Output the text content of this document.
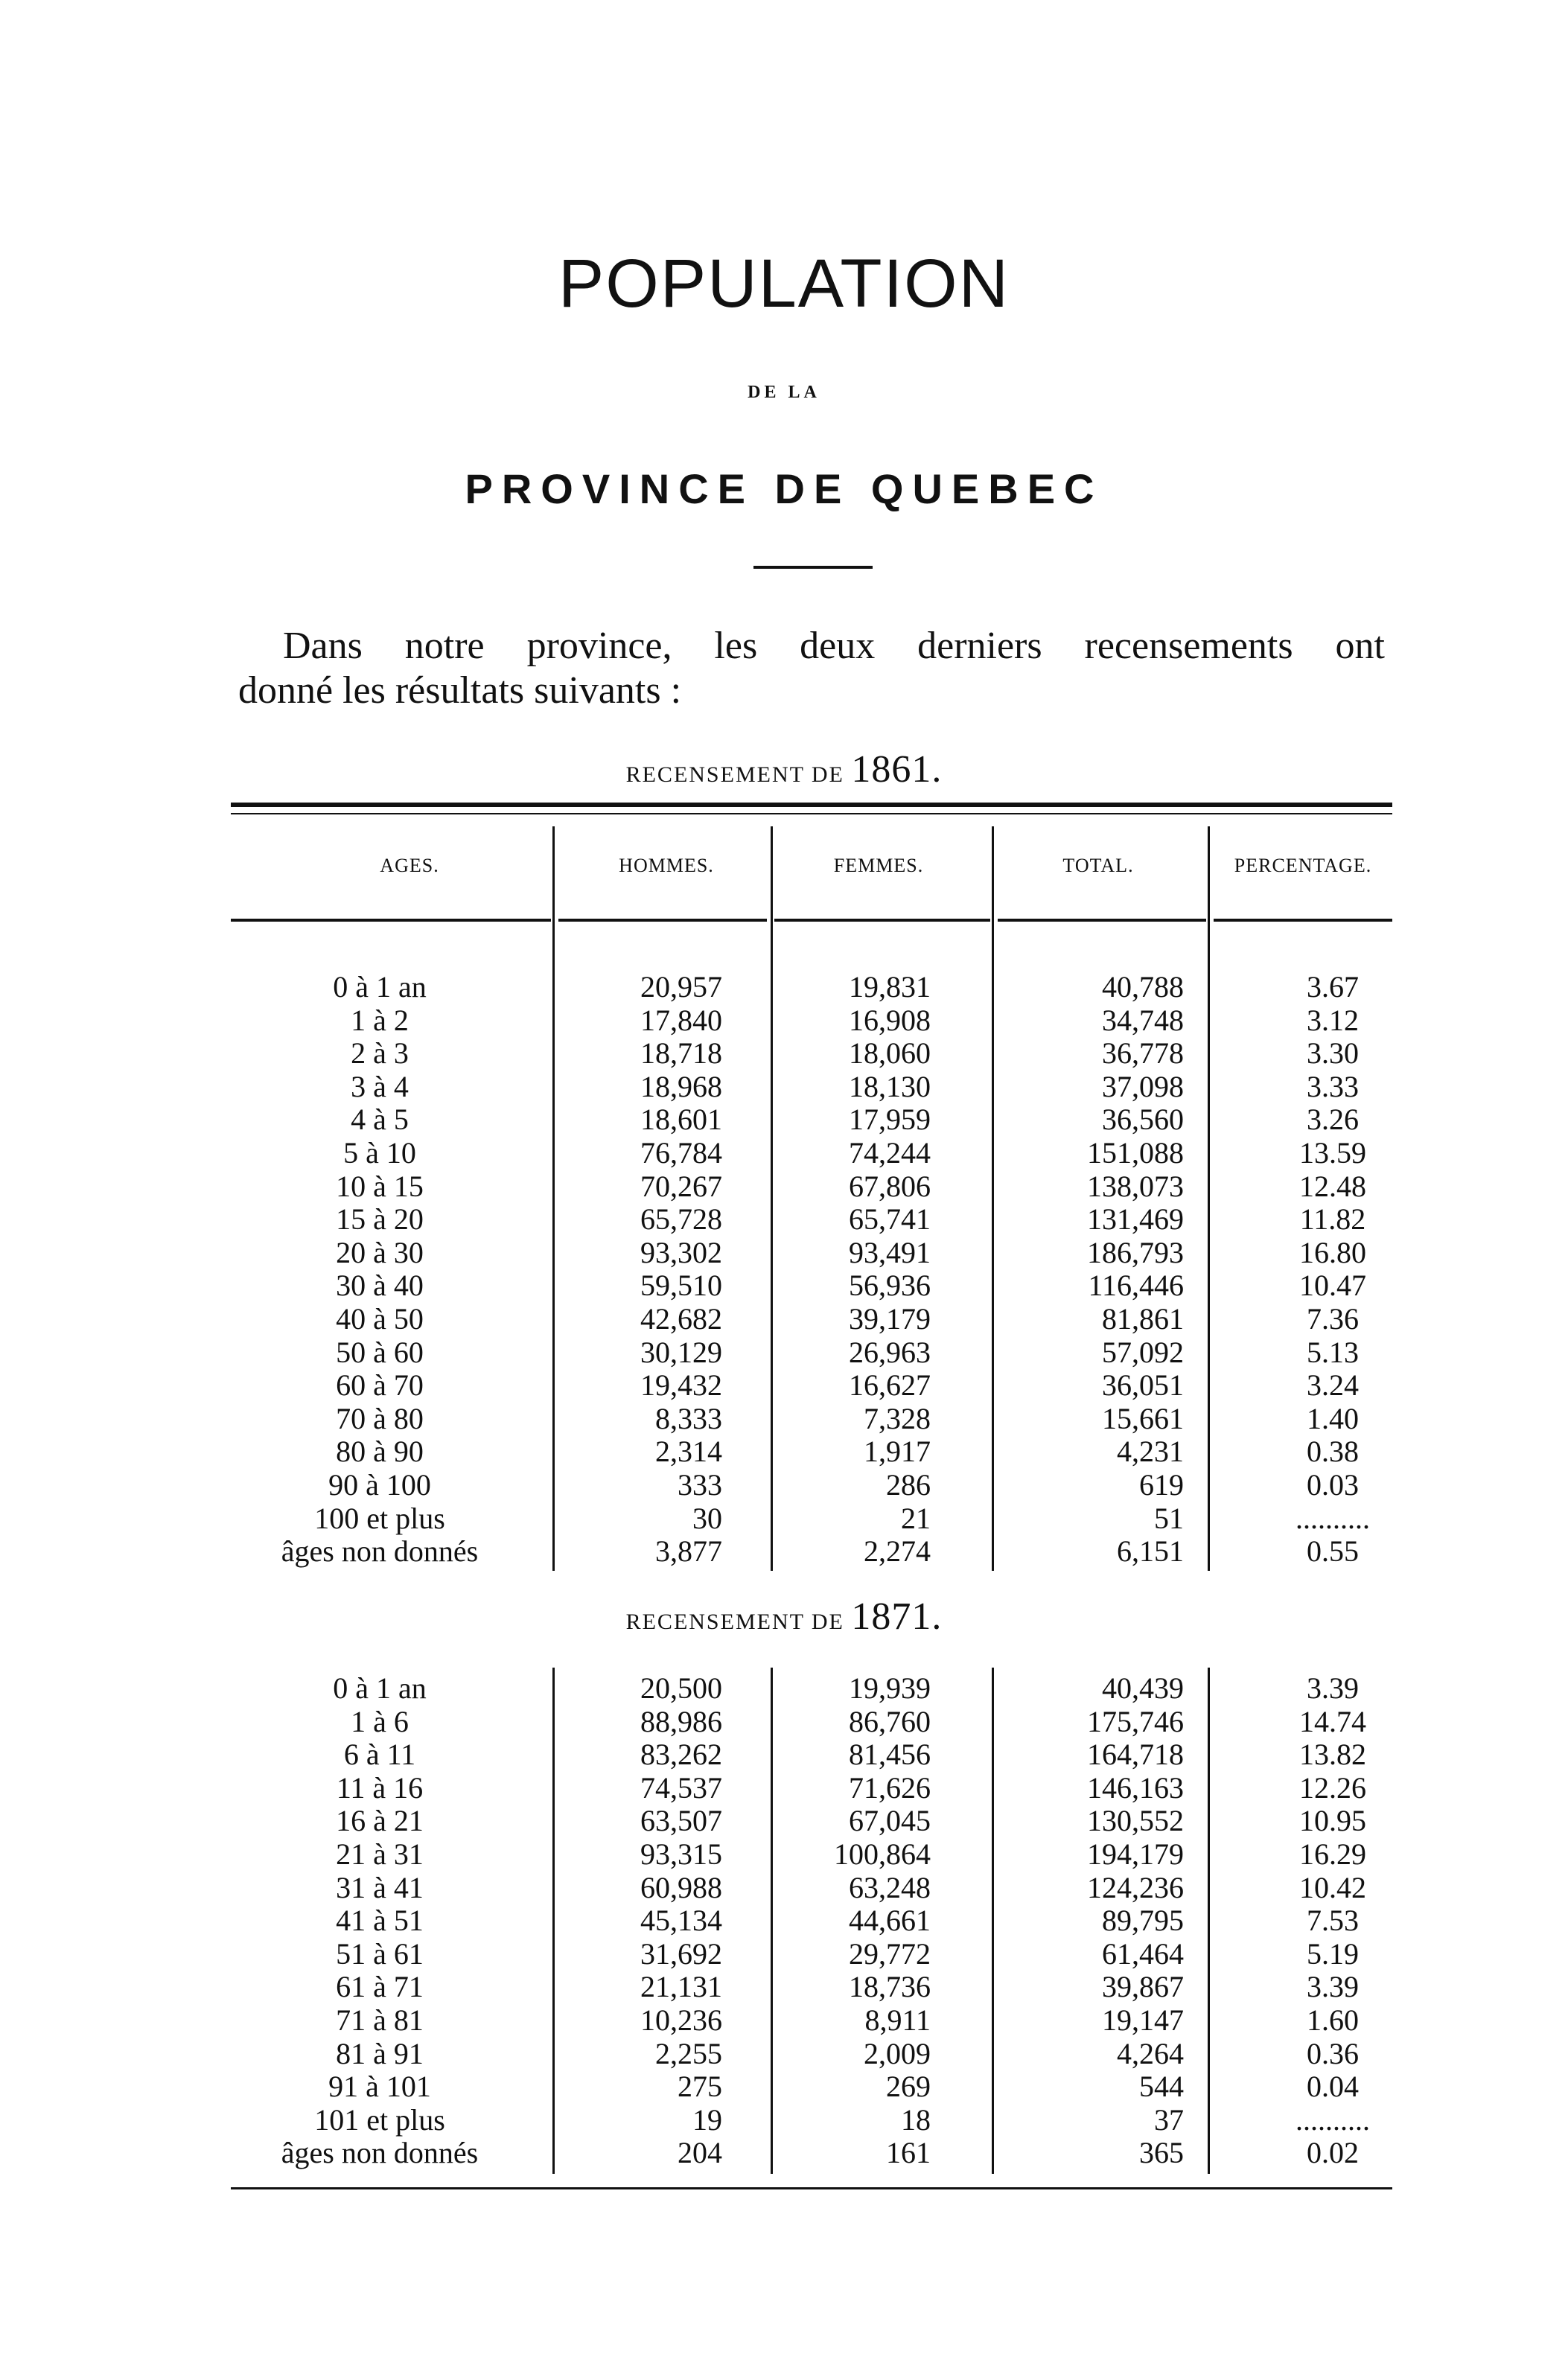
POPULATION
DE LA
PROVINCE DE QUEBEC
Dans notre province, les deux derniers recensements ont
donné les résultats suivants :
RECENSEMENT DE 1861.
AGES.	HOMMES.	FEMMES.	TOTAL.	PERCENTAGE.
0 à 1 an	20,957	19,831	40,788	3.67
1 à 2	17,840	16,908	34,748	3.12
2 à 3	18,718	18,060	36,778	3.30
3 à 4	18,968	18,130	37,098	3.33
4 à 5	18,601	17,959	36,560	3.26
5 à 10	76,784	74,244	151,088	13.59
10 à 15	70,267	67,806	138,073	12.48
15 à 20	65,728	65,741	131,469	11.82
20 à 30	93,302	93,491	186,793	16.80
30 à 40	59,510	56,936	116,446	10.47
40 à 50	42,682	39,179	81,861	7.36
50 à 60	30,129	26,963	57,092	5.13
60 à 70	19,432	16,627	36,051	3.24
70 à 80	8,333	7,328	15,661	1.40
80 à 90	2,314	1,917	4,231	0.38
90 à 100	333	286	619	0.03
100 et plus	30	21	51	..........
âges non donnés	3,877	2,274	6,151	0.55
RECENSEMENT DE 1871.
0 à 1 an	20,500	19,939	40,439	3.39
1 à 6	88,986	86,760	175,746	14.74
6 à 11	83,262	81,456	164,718	13.82
11 à 16	74,537	71,626	146,163	12.26
16 à 21	63,507	67,045	130,552	10.95
21 à 31	93,315	100,864	194,179	16.29
31 à 41	60,988	63,248	124,236	10.42
41 à 51	45,134	44,661	89,795	7.53
51 à 61	31,692	29,772	61,464	5.19
61 à 71	21,131	18,736	39,867	3.39
71 à 81	10,236	8,911	19,147	1.60
81 à 91	2,255	2,009	4,264	0.36
91 à 101	275	269	544	0.04
101 et plus	19	18	37	..........
âges non donnés	204	161	365	0.02
